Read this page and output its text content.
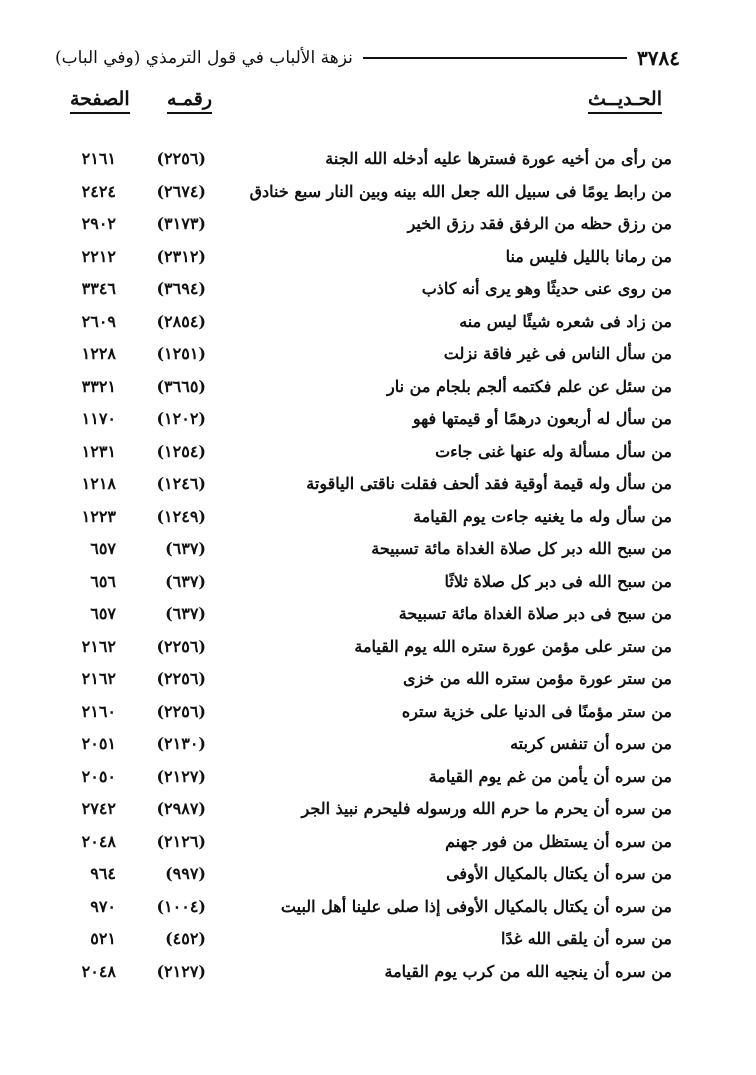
٣٧٨٤
نزهة الألباب في قول الترمذي (وفي الباب)
الحـديــث
رقمـه
الصفحة
من رأى من أخيه عورة فسترها عليه أدخله الله الجنة
(٢٢٥٦)
٢١٦١
من رابط يومًا فى سبيل الله جعل الله بينه وبين النار سبع خنادق
(٢٦٧٤)
٢٤٢٤
من رزق حظه من الرفق فقد رزق الخير
(٣١٧٣)
٢٩٠٢
من رمانا بالليل فليس منا
(٢٣١٢)
٢٢١٢
من روى عنى حديثًا وهو يرى أنه كاذب
(٣٦٩٤)
٣٣٤٦
من زاد فى شعره شيئًا ليس منه
(٢٨٥٤)
٢٦٠٩
من سأل الناس فى غير فاقة نزلت
(١٢٥١)
١٢٢٨
من سئل عن علم فكتمه ألجم بلجام من نار
(٣٦٦٥)
٣٣٢١
من سأل له أربعون درهمًا أو قيمتها فهو
(١٢٠٢)
١١٧٠
من سأل مسألة وله عنها غنى جاءت
(١٢٥٤)
١٢٣١
من سأل وله قيمة أوقية فقد ألحف فقلت ناقتى الياقوتة
(١٢٤٦)
١٢١٨
من سأل وله ما يغنيه جاءت يوم القيامة
(١٢٤٩)
١٢٢٣
من سبح الله دبر كل صلاة الغداة مائة تسبيحة
(٦٣٧)
٦٥٧
من سبح الله فى دبر كل صلاة ثلاثًا
(٦٣٧)
٦٥٦
من سبح فى دبر صلاة الغداة مائة تسبيحة
(٦٣٧)
٦٥٧
من ستر على مؤمن عورة ستره الله يوم القيامة
(٢٢٥٦)
٢١٦٢
من ستر عورة مؤمن ستره الله من خزى
(٢٢٥٦)
٢١٦٢
من ستر مؤمنًا فى الدنيا على خزية ستره
(٢٢٥٦)
٢١٦٠
من سره أن تنفس كربته
(٢١٣٠)
٢٠٥١
من سره أن يأمن من غم يوم القيامة
(٢١٢٧)
٢٠٥٠
من سره أن يحرم ما حرم الله ورسوله فليحرم نبيذ الجر
(٢٩٨٧)
٢٧٤٢
من سره أن يستظل من فور جهنم
(٢١٢٦)
٢٠٤٨
من سره أن يكتال بالمكيال الأوفى
(٩٩٧)
٩٦٤
من سره أن يكتال بالمكيال الأوفى إذا صلى علينا أهل البيت
(١٠٠٤)
٩٧٠
من سره أن يلقى الله غدًا
(٤٥٢)
٥٢١
من سره أن ينجيه الله من كرب يوم القيامة
(٢١٢٧)
٢٠٤٨
